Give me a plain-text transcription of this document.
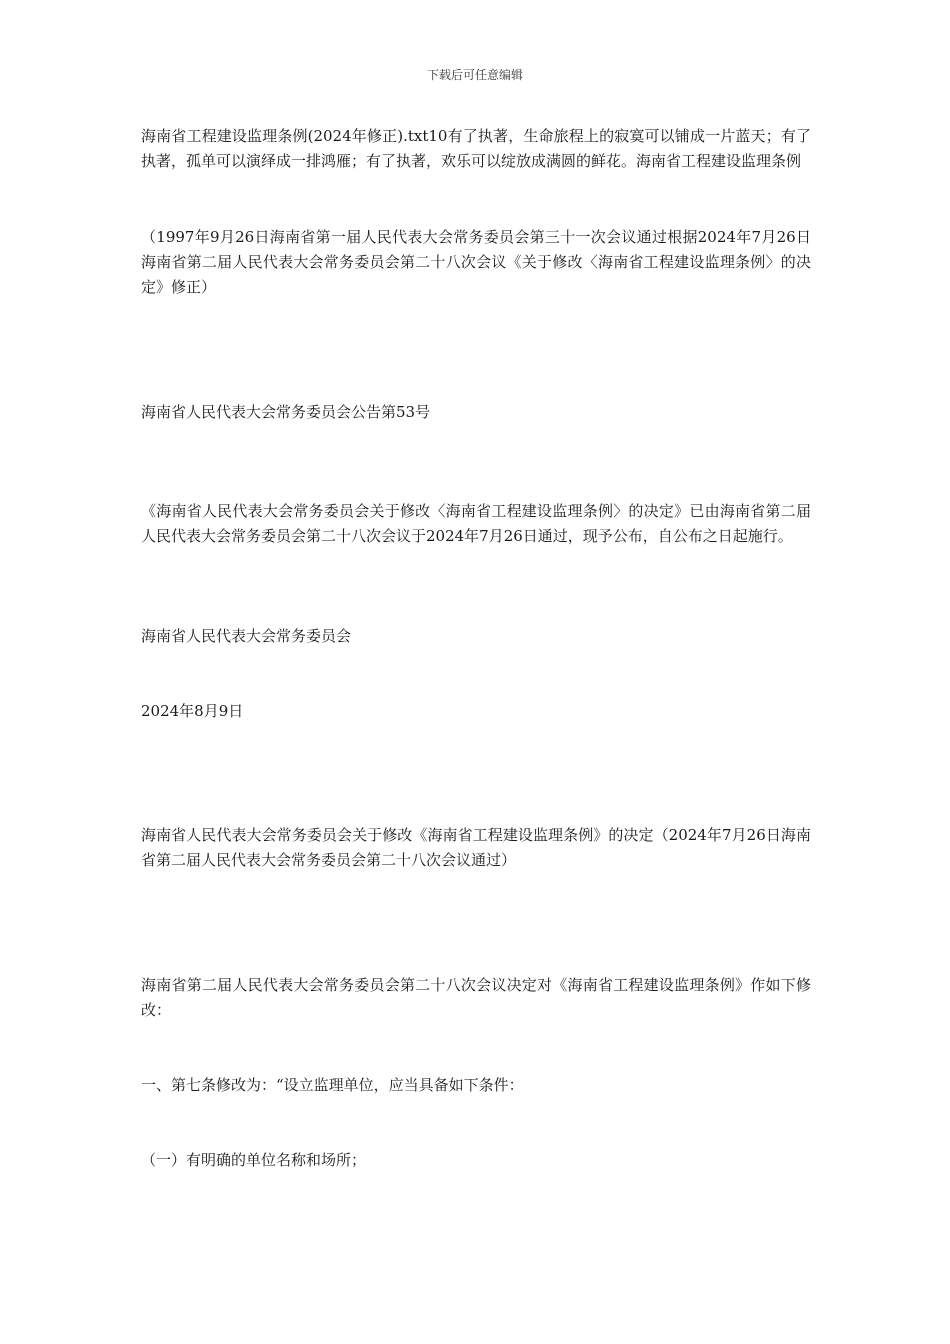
下载后可任意编辑

海南省工程建设监理条例(2024年修正).txt10有了执著，生命旅程上的寂寞可以铺成一片蓝天；有了执著，孤单可以演绎成一排鸿雁；有了执著，欢乐可以绽放成满圆的鲜花。海南省工程建设监理条例

（1997年9月26日海南省第一届人民代表大会常务委员会第三十一次会议通过根据2024年7月26日海南省第二届人民代表大会常务委员会第二十八次会议《关于修改〈海南省工程建设监理条例〉的决定》修正）

海南省人民代表大会常务委员会公告第53号

《海南省人民代表大会常务委员会关于修改〈海南省工程建设监理条例〉的决定》已由海南省第二届人民代表大会常务委员会第二十八次会议于2024年7月26日通过，现予公布，自公布之日起施行。

海南省人民代表大会常务委员会

2024年8月9日

海南省人民代表大会常务委员会关于修改《海南省工程建设监理条例》的决定（2024年7月26日海南省第二届人民代表大会常务委员会第二十八次会议通过）

海南省第二届人民代表大会常务委员会第二十八次会议决定对《海南省工程建设监理条例》作如下修改：

一、第七条修改为：“设立监理单位，应当具备如下条件：

（一）有明确的单位名称和场所；
